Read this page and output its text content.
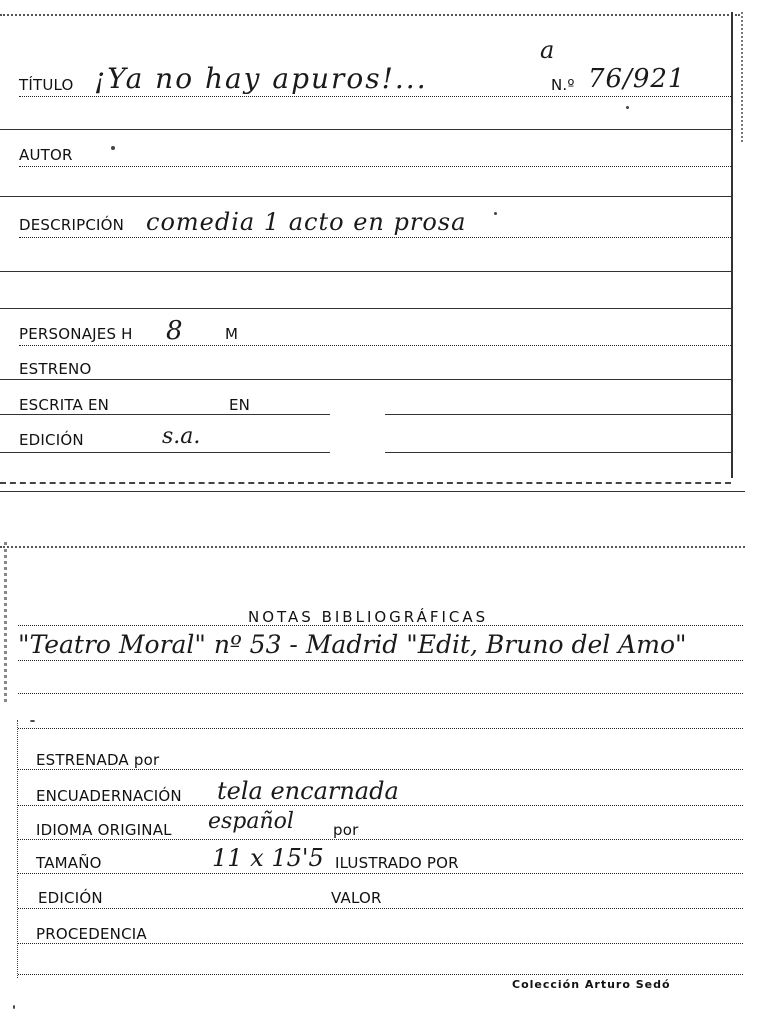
TÍTULO ¡Ya no hay apuros!...
a
N.º 76/921
AUTOR
DESCRIPCIÓN comedia 1 acto en prosa
PERSONAJES H 8	M
ESTRENO
ESCRITA EN	EN
EDICIÓN	s.a.
NOTAS BIBLIOGRÁFICAS
"Teatro Moral" nº 53 - Madrid "Edit, Bruno del Amo"
ESTRENADA por
ENCUADERNACIÓN tela encarnada
IDIOMA ORIGINAL español	por
TAMAÑO	11 x 15'5 ILUSTRADO POR
EDICIÓN	VALOR
PROCEDENCIA
Colección Arturo Sedó
